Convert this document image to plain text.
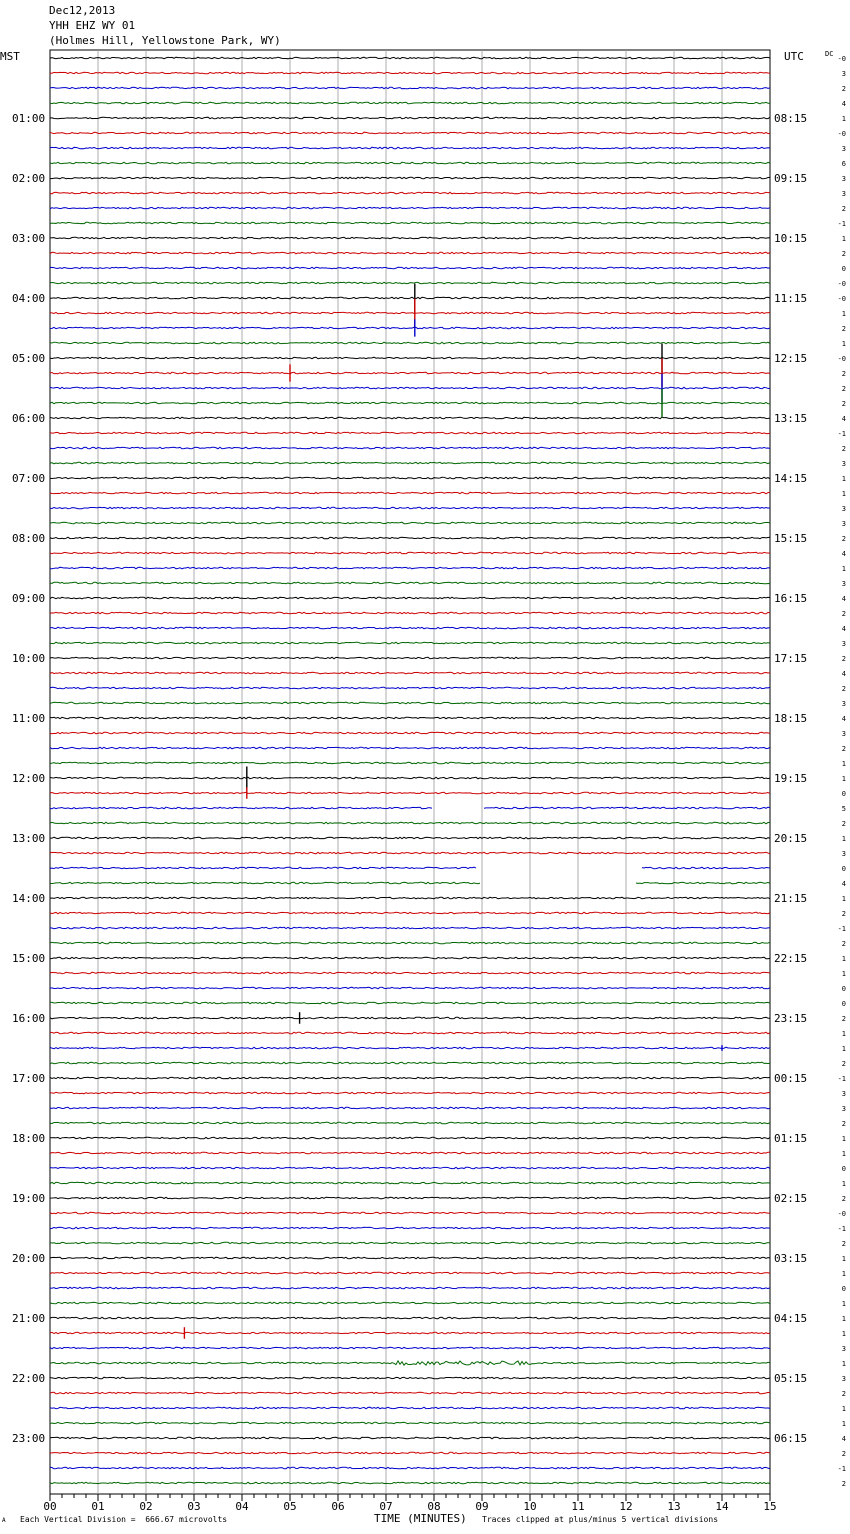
Dec12,2013
YHH EHZ WY 01
(Holmes Hill, Yellowstone Park, WY)
MST	UTC
01:00
02:00
03:00
04:00
05:00
06:00
07:00
08:00
09:00
10:00
11:00
12:00
13:00
14:00
15:00
16:00
17:00
18:00
19:00
20:00
21:00
22:00
23:00
08:15
09:15
10:15
11:15
12:15
13:15
14:15
15:15
16:15
17:15
18:15
19:15
20:15
21:15
22:15
23:15
00:15
01:15
02:15
03:15
04:15
05:15
06:15
DC
-0
3
2
4
1
-0
3
6
3
3
2
-1
1
2
0
-0
-0
1
2
1
-0
2
2
2
4
-1
2
3
1
1
3
3
2
4
1
3
4
2
4
3
2
4
2
3
4
3
2
1
1
0
5
2
1
3
0
4
1
2
-1
2
1
1
0
0
2
1
1
2
-1
3
3
2
1
1
0
1
2
-0
-1
2
1
1
0
1
1
1
3
1
3
2
1
1
4
2
-1
2
00	01	02	03	04	05	06	07	08	09	10	11	12	13	14	15
A Each Vertical Division =  666.67 microvolts	TIME (MINUTES) Traces clipped at plus/minus 5 vertical divisions
